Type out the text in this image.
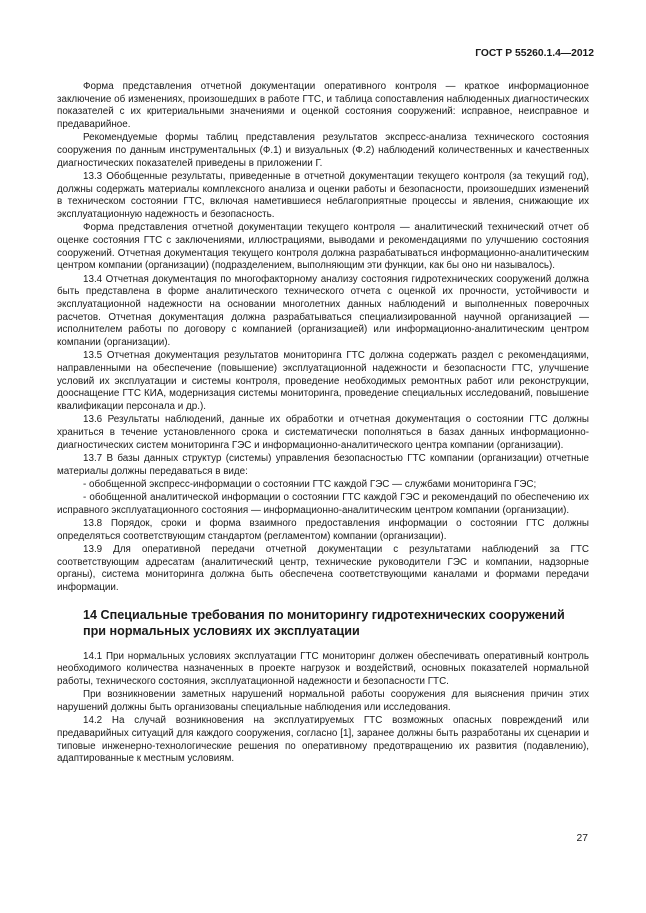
ГОСТ Р 55260.1.4—2012

Форма представления отчетной документации оперативного контроля — краткое информационное заключение об изменениях, произошедших в работе ГТС, и таблица сопоставления наблюденных диагностических показателей с их критериальными значениями и оценкой состояния сооружений: исправное, неисправное и предаварийное.

Рекомендуемые формы таблиц представления результатов экспресс-анализа технического состояния сооружения по данным инструментальных (Ф.1) и визуальных (Ф.2) наблюдений количественных и качественных диагностических показателей приведены в приложении Г.

13.3 Обобщенные результаты, приведенные в отчетной документации текущего контроля (за текущий год), должны содержать материалы комплексного анализа и оценки работы и безопасности, произошедших изменений в техническом состоянии ГТС, включая наметившиеся неблагоприятные процессы и явления, снижающие их эксплуатационную надежность и безопасность.

Форма представления отчетной документации текущего контроля — аналитический технический отчет об оценке состояния ГТС с заключениями, иллюстрациями, выводами и рекомендациями по улучшению состояния сооружений. Отчетная документация текущего контроля должна разрабатываться информационно-аналитическим центром компании (организации) (подразделением, выполняющим эти функции, как бы оно ни называлось).

13.4 Отчетная документация по многофакторному анализу состояния гидротехнических сооружений должна быть представлена в форме аналитического технического отчета с оценкой их прочности, устойчивости и эксплуатационной надежности на основании многолетних данных наблюдений и выполненных поверочных расчетов. Отчетная документация должна разрабатываться специализированной научной организацией — исполнителем работы по договору с компанией (организацией) или информационно-аналитическим центром компании (организации).

13.5 Отчетная документация результатов мониторинга ГТС должна содержать раздел с рекомендациями, направленными на обеспечение (повышение) эксплуатационной надежности и безопасности ГТС, улучшение условий их эксплуатации и системы контроля, проведение необходимых ремонтных работ или реконструкции, дооснащение ГТС КИА, модернизация системы мониторинга, проведение специальных исследований, повышение квалификации персонала и др.).

13.6 Результаты наблюдений, данные их обработки и отчетная документация о состоянии ГТС должны храниться в течение установленного срока и систематически пополняться в базах данных информационно-диагностических систем мониторинга ГЭС и информационно-аналитического центра компании (организации).

13.7 В базы данных структур (системы) управления безопасностью ГТС компании (организации) отчетные материалы должны передаваться в виде:

- обобщенной экспресс-информации о состоянии ГТС каждой ГЭС — службами мониторинга ГЭС;

- обобщенной аналитической информации о состоянии ГТС каждой ГЭС и рекомендаций по обеспечению их исправного эксплуатационного состояния — информационно-аналитическим центром компании (организации).

13.8 Порядок, сроки и форма взаимного предоставления информации о состоянии ГТС должны определяться соответствующим стандартом (регламентом) компании (организации).

13.9 Для оперативной передачи отчетной документации с результатами наблюдений за ГТС соответствующим адресатам (аналитический центр, технические руководители ГЭС и компании, надзорные органы), система мониторинга должна быть обеспечена соответствующими каналами и формами передачи информации.

14 Специальные требования по мониторингу гидротехнических сооружений
при нормальных условиях их эксплуатации

14.1 При нормальных условиях эксплуатации ГТС мониторинг должен обеспечивать оперативный контроль необходимого количества назначенных в проекте нагрузок и воздействий, основных показателей нормальной работы, технического состояния, эксплуатационной надежности и безопасности ГТС.

При возникновении заметных нарушений нормальной работы сооружения для выяснения причин этих нарушений должны быть организованы специальные наблюдения или исследования.

14.2 На случай возникновения на эксплуатируемых ГТС возможных опасных повреждений или предаварийных ситуаций для каждого сооружения, согласно [1], заранее должны быть разработаны их сценарии и типовые инженерно-технологические решения по оперативному предотвращению их развития (подавлению), адаптированные к местным условиям.

27
